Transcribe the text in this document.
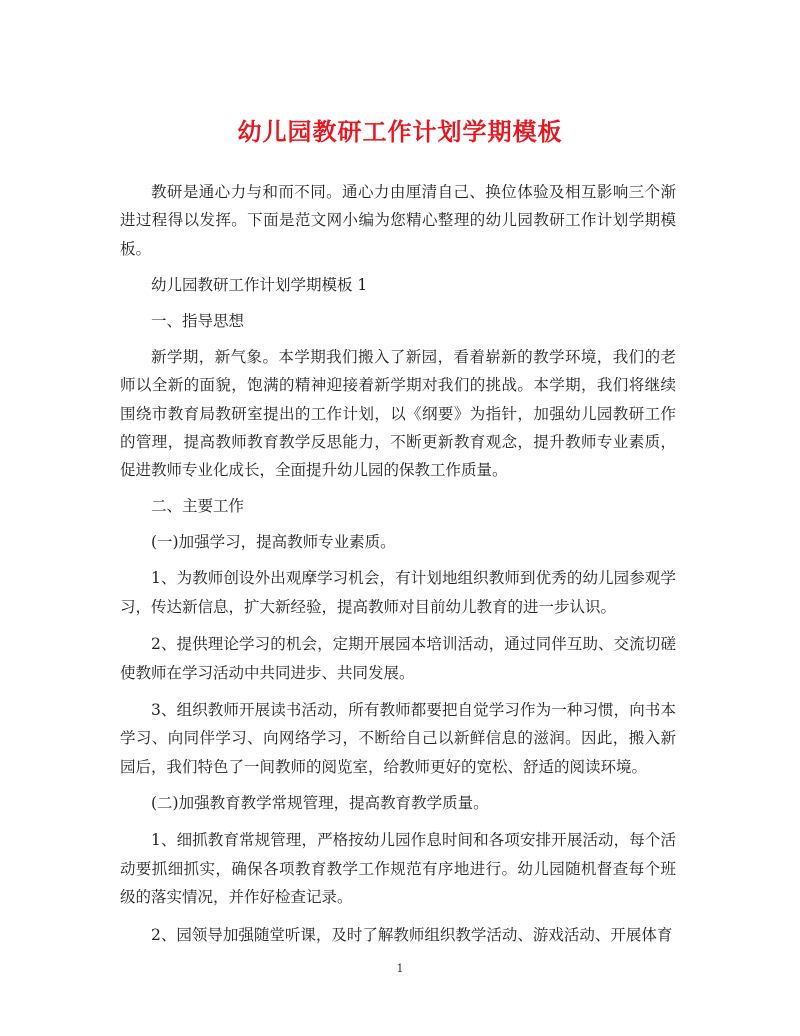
幼儿园教研工作计划学期模板

教研是通心力与和而不同。通心力由厘清自己、换位体验及相互影响三个渐进过程得以发挥。下面是范文网小编为您精心整理的幼儿园教研工作计划学期模板。

幼儿园教研工作计划学期模板 1

一、指导思想

新学期，新气象。本学期我们搬入了新园，看着崭新的教学环境，我们的老师以全新的面貌，饱满的精神迎接着新学期对我们的挑战。本学期，我们将继续围绕市教育局教研室提出的工作计划，以《纲要》为指针，加强幼儿园教研工作的管理，提高教师教育教学反思能力，不断更新教育观念，提升教师专业素质，促进教师专业化成长，全面提升幼儿园的保教工作质量。

二、主要工作

(一)加强学习，提高教师专业素质。

1、为教师创设外出观摩学习机会，有计划地组织教师到优秀的幼儿园参观学习，传达新信息，扩大新经验，提高教师对目前幼儿教育的进一步认识。

2、提供理论学习的机会，定期开展园本培训活动，通过同伴互助、交流切磋使教师在学习活动中共同进步、共同发展。

3、组织教师开展读书活动，所有教师都要把自觉学习作为一种习惯，向书本学习、向同伴学习、向网络学习，不断给自己以新鲜信息的滋润。因此，搬入新园后，我们特色了一间教师的阅览室，给教师更好的宽松、舒适的阅读环境。

(二)加强教育教学常规管理，提高教育教学质量。

1、细抓教育常规管理，严格按幼儿园作息时间和各项安排开展活动，每个活动要抓细抓实，确保各项教育教学工作规范有序地进行。幼儿园随机督查每个班级的落实情况，并作好检查记录。

2、园领导加强随堂听课，及时了解教师组织教学活动、游戏活动、开展体育

1
